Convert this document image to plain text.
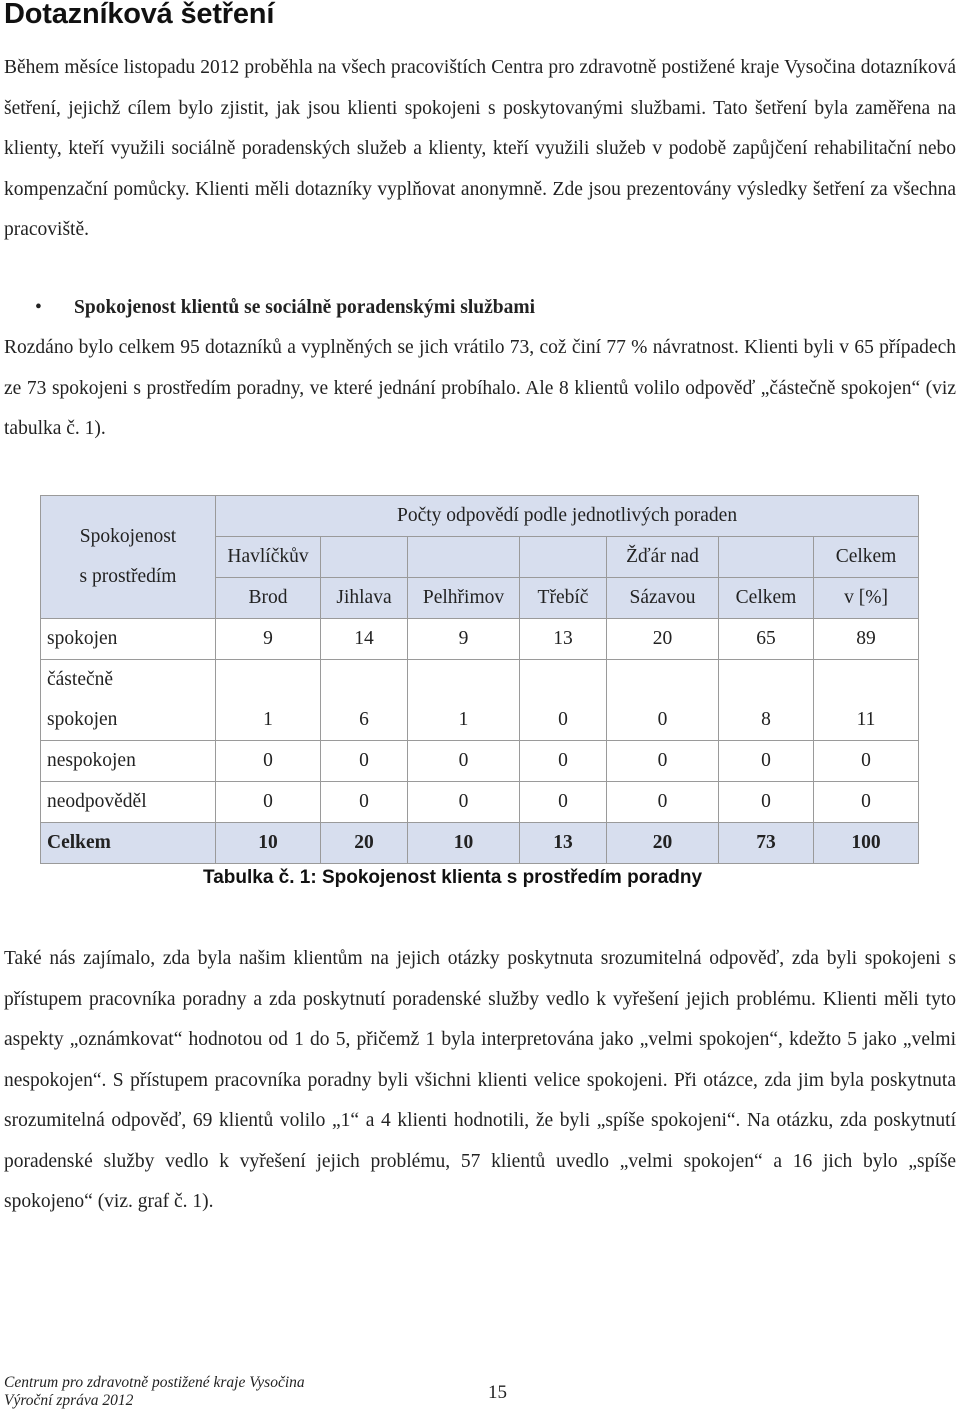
Dotazníková šetření

Během měsíce listopadu 2012 proběhla na všech pracovištích Centra pro zdravotně postižené kraje Vysočina dotazníková šetření, jejichž cílem bylo zjistit, jak jsou klienti spokojeni s poskytovanými službami. Tato šetření byla zaměřena na klienty, kteří využili sociálně poradenských služeb a klienty, kteří využili služeb v podobě zapůjčení rehabilitační nebo kompenzační pomůcky. Klienti měli dotazníky vyplňovat anonymně. Zde jsou prezentovány výsledky šetření za všechna pracoviště.

• Spokojenost klientů se sociálně poradenskými službami

Rozdáno bylo celkem 95 dotazníků a vyplněných se jich vrátilo 73, což činí 77 % návratnost. Klienti byli v 65 případech ze 73 spokojeni s prostředím poradny, ve které jednání probíhalo. Ale 8 klientů volilo odpověď „částečně spokojen“ (viz tabulka č. 1).

Spokojenost
s prostředím	Počty odpovědí podle jednotlivých poraden						
	Havlíčkův				Žďár nad		Celkem
	Brod	Jihlava	Pelhřimov	Třebíč	Sázavou	Celkem	v [%]
spokojen	9	14	9	13	20	65	89

částečně
spokojen	1	6	1	0	0	8	11
nespokojen	0	0	0	0	0	0	0
neodpověděl	0	0	0	0	0	0	0
Celkem	10	20	10	13	20	73	100

Tabulka č. 1: Spokojenost klienta s prostředím poradny

Také nás zajímalo, zda byla našim klientům na jejich otázky poskytnuta srozumitelná odpověď, zda byli spokojeni s přístupem pracovníka poradny a zda poskytnutí poradenské služby vedlo k vyřešení jejich problému. Klienti měli tyto aspekty „oznámkovat“ hodnotou od 1 do 5, přičemž 1 byla interpretována jako „velmi spokojen“, kdežto 5 jako „velmi nespokojen“. S přístupem pracovníka poradny byli všichni klienti velice spokojeni. Při otázce, zda jim byla poskytnuta srozumitelná odpověď, 69 klientů volilo „1“ a 4 klienti hodnotili, že byli „spíše spokojeni“. Na otázku, zda poskytnutí poradenské služby vedlo k vyřešení jejich problému, 57 klientů uvedlo „velmi spokojen“ a 16 jich bylo „spíše spokojeno“ (viz. graf č. 1).

Centrum pro zdravotně postižené kraje Vysočina
Výroční zpráva 2012	15
